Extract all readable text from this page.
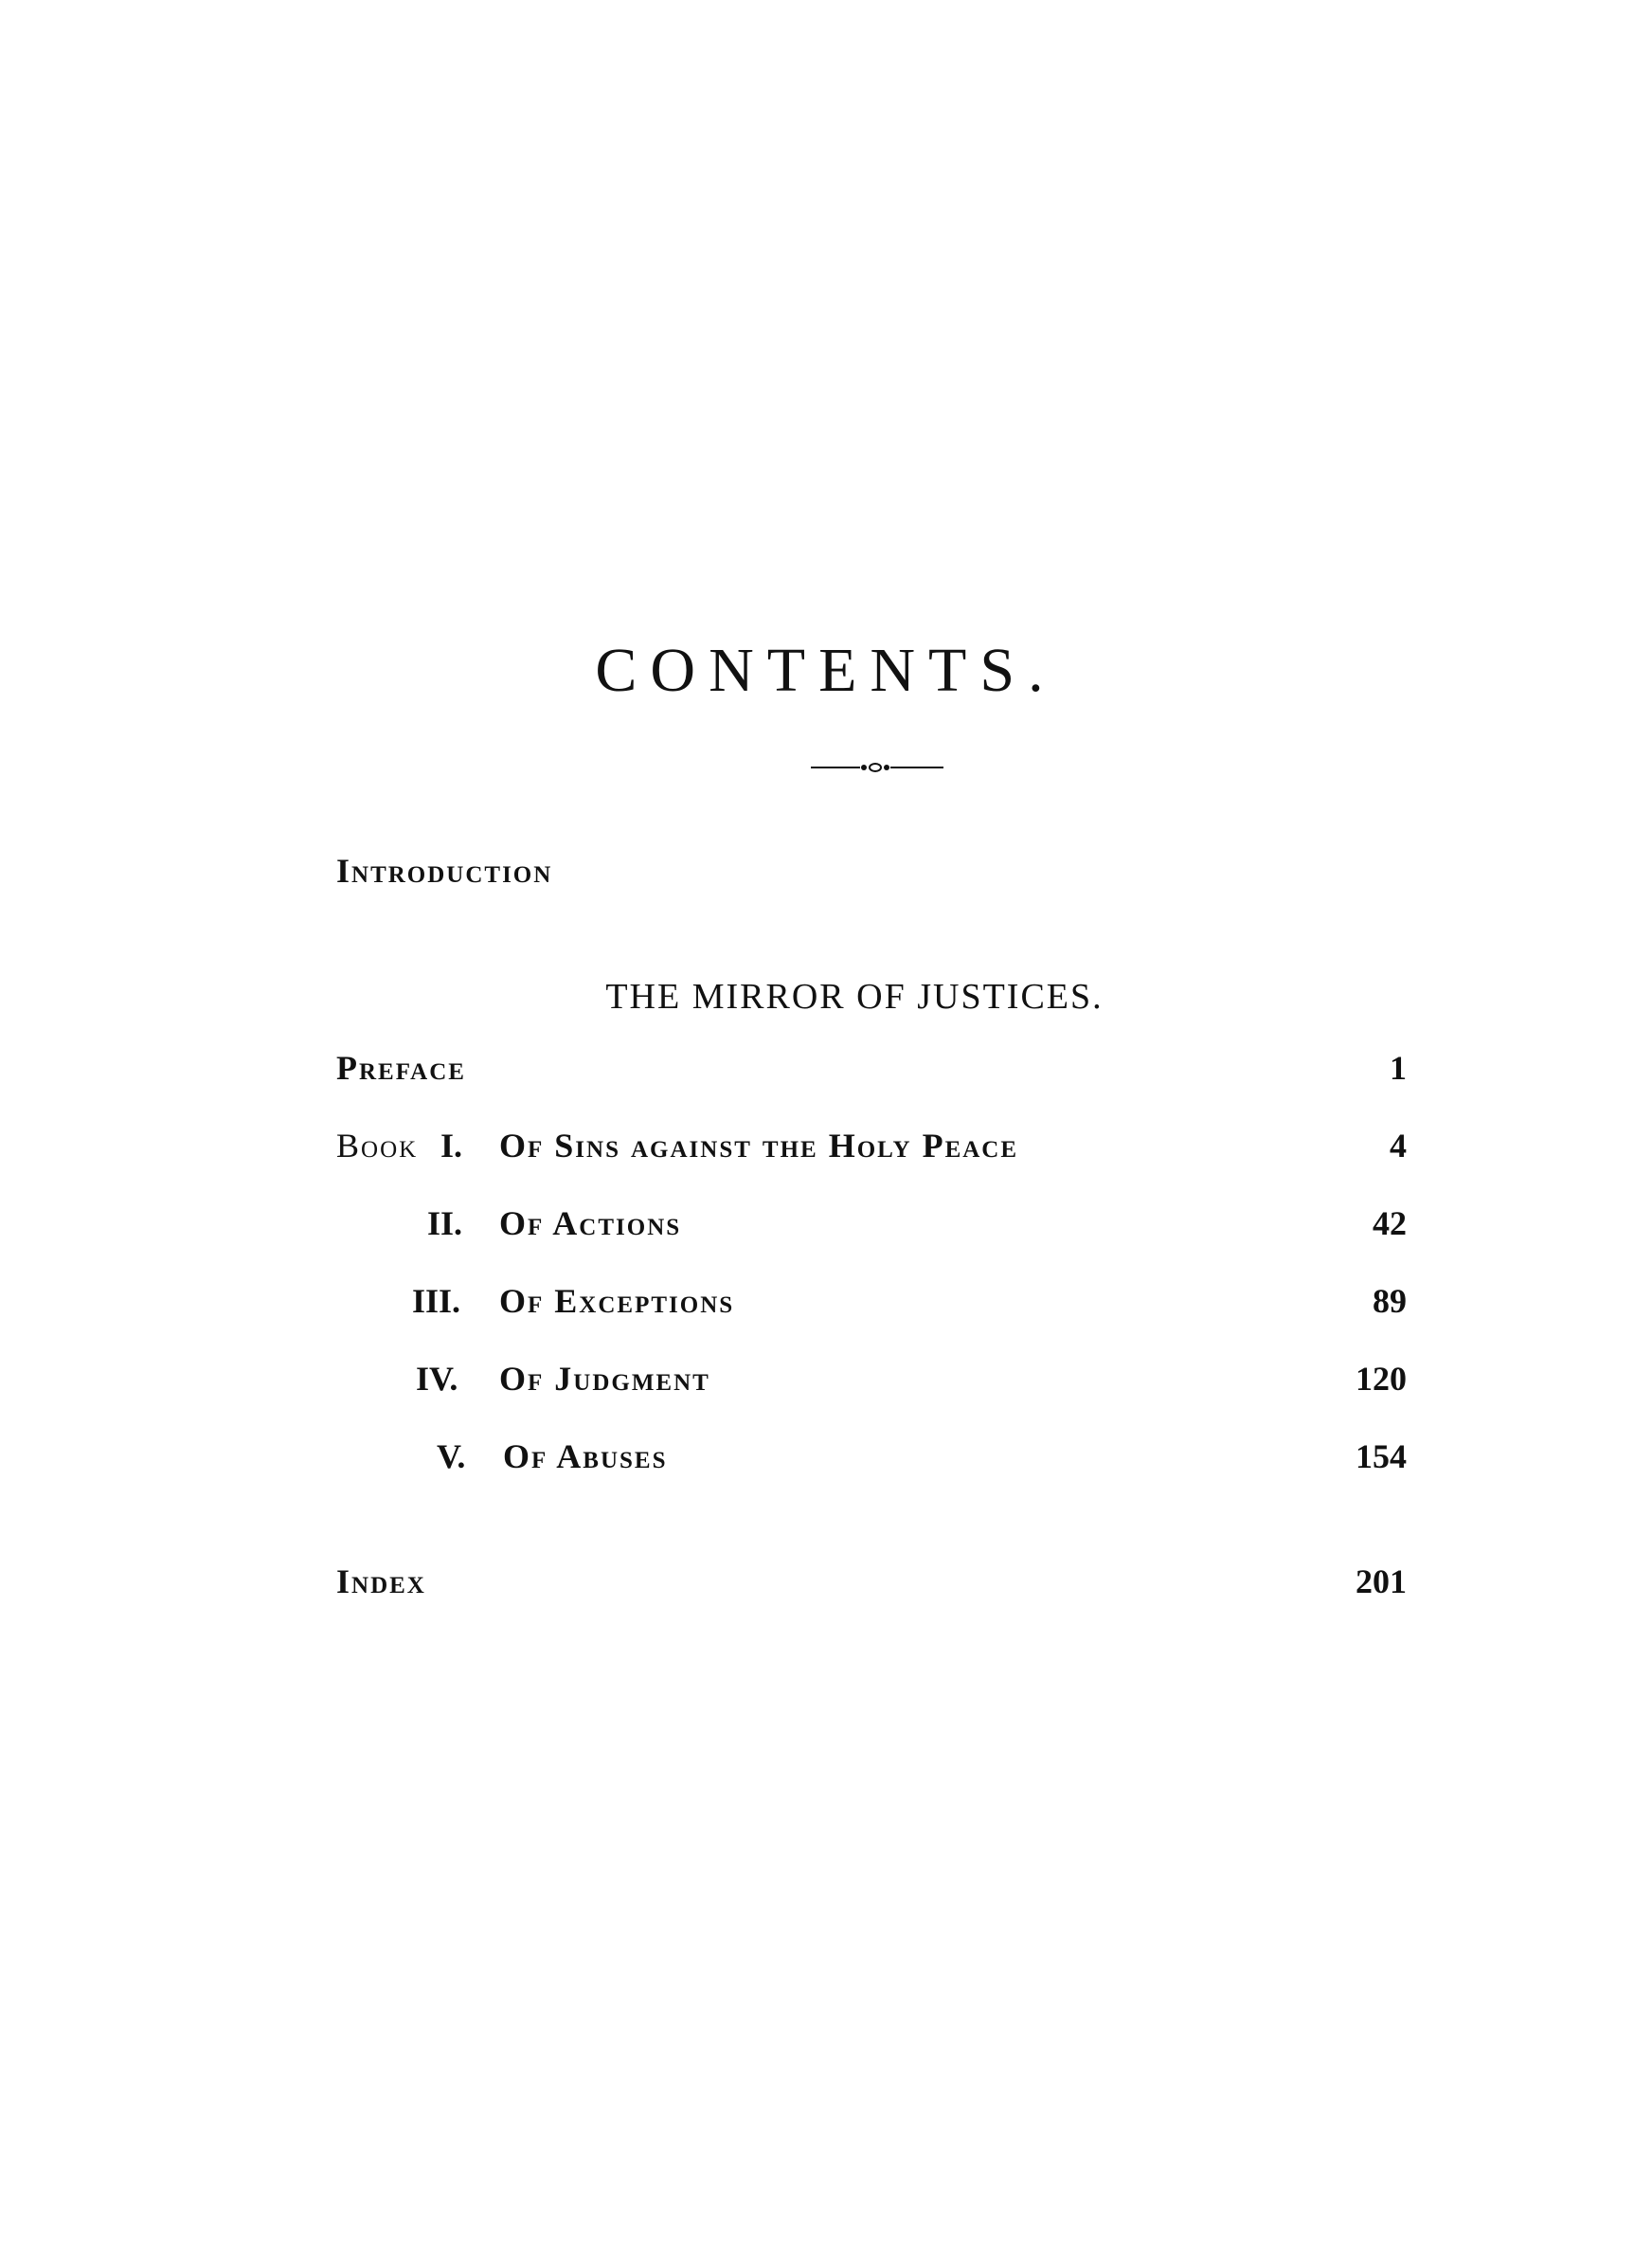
CONTENTS.
Introduction
THE MIRROR OF JUSTICES.
Preface	1
Book I. Of Sins against the Holy Peace	4
II. Of Actions	42
III. Of Exceptions	89
IV. Of Judgment	120
V. Of Abuses	154
Index	201
